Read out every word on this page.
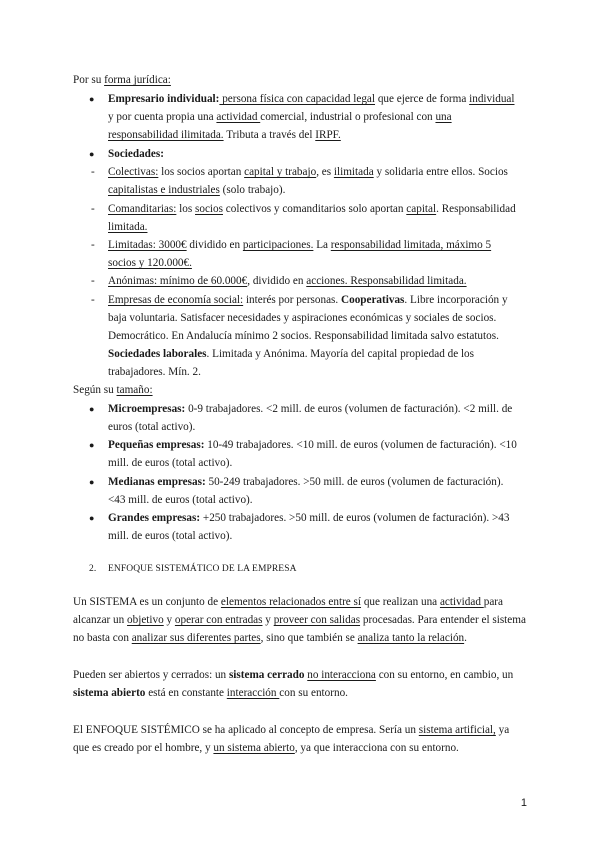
Por su forma jurídica:
● Empresario individual: persona física con capacidad legal que ejerce de forma individual
y por cuenta propia una actividad comercial, industrial o profesional con una
responsabilidad ilimitada. Tributa a través del IRPF.
● Sociedades:
- Colectivas: los socios aportan capital y trabajo, es ilimitada y solidaria entre ellos. Socios
capitalistas e industriales (solo trabajo).
- Comanditarias: los socios colectivos y comanditarios solo aportan capital. Responsabilidad
limitada.
- Limitadas: 3000€ dividido en participaciones. La responsabilidad limitada, máximo 5
socios y 120.000€.
- Anónimas: mínimo de 60.000€, dividido en acciones. Responsabilidad limitada.
- Empresas de economía social: interés por personas. Cooperativas. Libre incorporación y
baja voluntaria. Satisfacer necesidades y aspiraciones económicas y sociales de socios.
Democrático. En Andalucía mínimo 2 socios. Responsabilidad limitada salvo estatutos.
Sociedades laborales. Limitada y Anónima. Mayoría del capital propiedad de los
trabajadores. Mín. 2.
Según su tamaño:
● Microempresas: 0-9 trabajadores. <2 mill. de euros (volumen de facturación). <2 mill. de
euros (total activo).
● Pequeñas empresas: 10-49 trabajadores. <10 mill. de euros (volumen de facturación). <10
mill. de euros (total activo).
● Medianas empresas: 50-249 trabajadores. >50 mill. de euros (volumen de facturación).
<43 mill. de euros (total activo).
● Grandes empresas: +250 trabajadores. >50 mill. de euros (volumen de facturación). >43
mill. de euros (total activo).
2. ENFOQUE SISTEMÁTICO DE LA EMPRESA
Un SISTEMA es un conjunto de elementos relacionados entre sí que realizan una actividad para
alcanzar un objetivo y operar con entradas y proveer con salidas procesadas. Para entender el sistema
no basta con analizar sus diferentes partes, sino que también se analiza tanto la relación.
Pueden ser abiertos y cerrados: un sistema cerrado no interacciona con su entorno, en cambio, un
sistema abierto está en constante interacción con su entorno.
El ENFOQUE SISTÉMICO se ha aplicado al concepto de empresa. Sería un sistema artificial, ya
que es creado por el hombre, y un sistema abierto, ya que interacciona con su entorno.
1
